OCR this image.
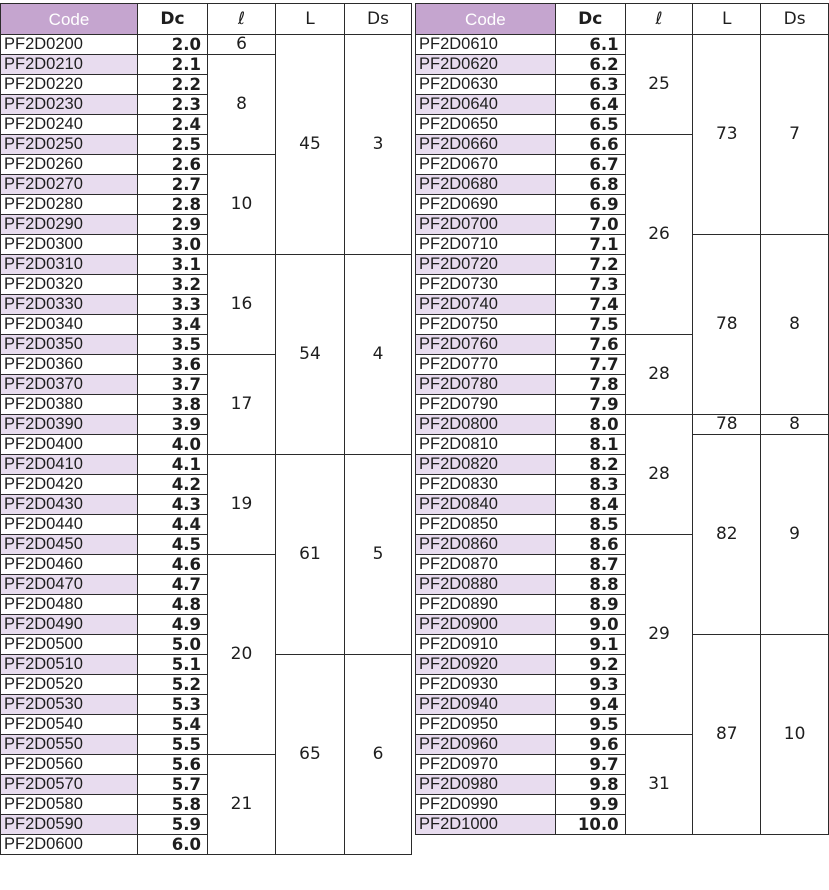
Code	Dc	ℓ	L	Ds
PF2D0200	2.0	6	45	3
PF2D0210	2.1	8		
PF2D0220	2.2			
PF2D0230	2.3			
PF2D0240	2.4			
PF2D0250	2.5			
PF2D0260	2.6	10		
PF2D0270	2.7			
PF2D0280	2.8			
PF2D0290	2.9			
PF2D0300	3.0			
PF2D0310	3.1	16	54	4
PF2D0320	3.2			
PF2D0330	3.3			
PF2D0340	3.4			
PF2D0350	3.5			
PF2D0360	3.6	17		
PF2D0370	3.7			
PF2D0380	3.8			
PF2D0390	3.9			
PF2D0400	4.0			
PF2D0410	4.1	19	61	5
PF2D0420	4.2			
PF2D0430	4.3			
PF2D0440	4.4			
PF2D0450	4.5			
PF2D0460	4.6	20		
PF2D0470	4.7			
PF2D0480	4.8			
PF2D0490	4.9			
PF2D0500	5.0			
PF2D0510	5.1		65	6
PF2D0520	5.2			
PF2D0530	5.3			
PF2D0540	5.4			
PF2D0550	5.5			
PF2D0560	5.6	21		
PF2D0570	5.7			
PF2D0580	5.8			
PF2D0590	5.9			
PF2D0600	6.0			
Code	Dc	ℓ	L	Ds
PF2D0610	6.1	25	73	7
PF2D0620	6.2			
PF2D0630	6.3			
PF2D0640	6.4			
PF2D0650	6.5			
PF2D0660	6.6	26		
PF2D0670	6.7			
PF2D0680	6.8			
PF2D0690	6.9			
PF2D0700	7.0			
PF2D0710	7.1		78	8
PF2D0720	7.2			
PF2D0730	7.3			
PF2D0740	7.4			
PF2D0750	7.5			
PF2D0760	7.6	28		
PF2D0770	7.7			
PF2D0780	7.8			
PF2D0790	7.9			
PF2D0800	8.0	28	78	8
PF2D0810	8.1		82	9
PF2D0820	8.2			
PF2D0830	8.3			
PF2D0840	8.4			
PF2D0850	8.5			
PF2D0860	8.6	29		
PF2D0870	8.7			
PF2D0880	8.8			
PF2D0890	8.9			
PF2D0900	9.0			
PF2D0910	9.1		87	10
PF2D0920	9.2			
PF2D0930	9.3			
PF2D0940	9.4			
PF2D0950	9.5			
PF2D0960	9.6	31		
PF2D0970	9.7			
PF2D0980	9.8			
PF2D0990	9.9			
PF2D1000	10.0			
